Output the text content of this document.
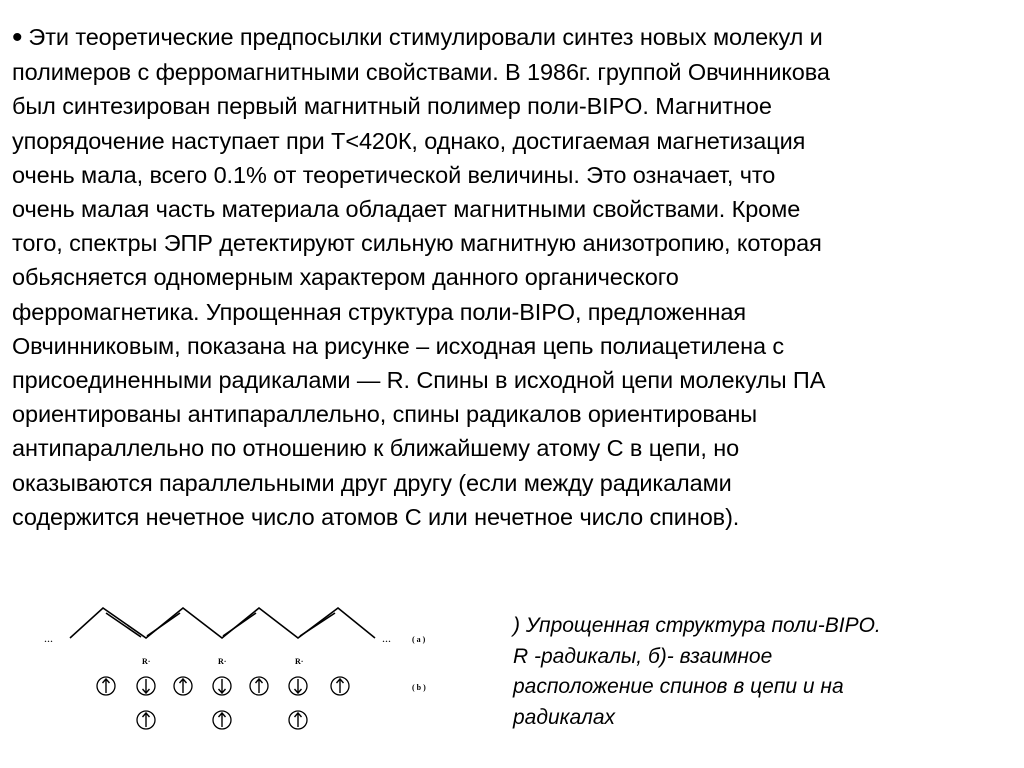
• Эти теоретические предпосылки стимулировали синтез новых молекул и
полимеров с ферромагнитными свойствами. В 1986г. группой Овчинникова
был синтезирован первый магнитный полимер поли-BIPO. Магнитное
упорядочение наступает при Т<420К, однако, достигаемая магнетизация
очень мала, всего 0.1% от теоретической величины. Это означает, что
очень малая часть материала обладает магнитными свойствами. Кроме
того, спектры ЭПР детектируют сильную магнитную анизотропию, которая
обьясняется одномерным характером данного органического
ферромагнетика. Упрощенная структура поли-BIPO, предложенная
Овчинниковым, показана на рисунке – исходная цепь полиацетилена с
присоединенными радикалами — R. Спины в исходной цепи молекулы ПА
ориентированы антипараллельно, спины радикалов ориентированы
антипараллельно по отношению к ближайшему атому С в цепи, но
оказываются параллельными друг другу (если между радикалами
содержится нечетное число атомов С или нечетное число спинов).
...	...	( a )
( b )
R·	R·	R·
) Упрощенная структура поли-BIPO.
R -радикалы, б)- взаимное
расположение спинов в цепи и на
радикалах
